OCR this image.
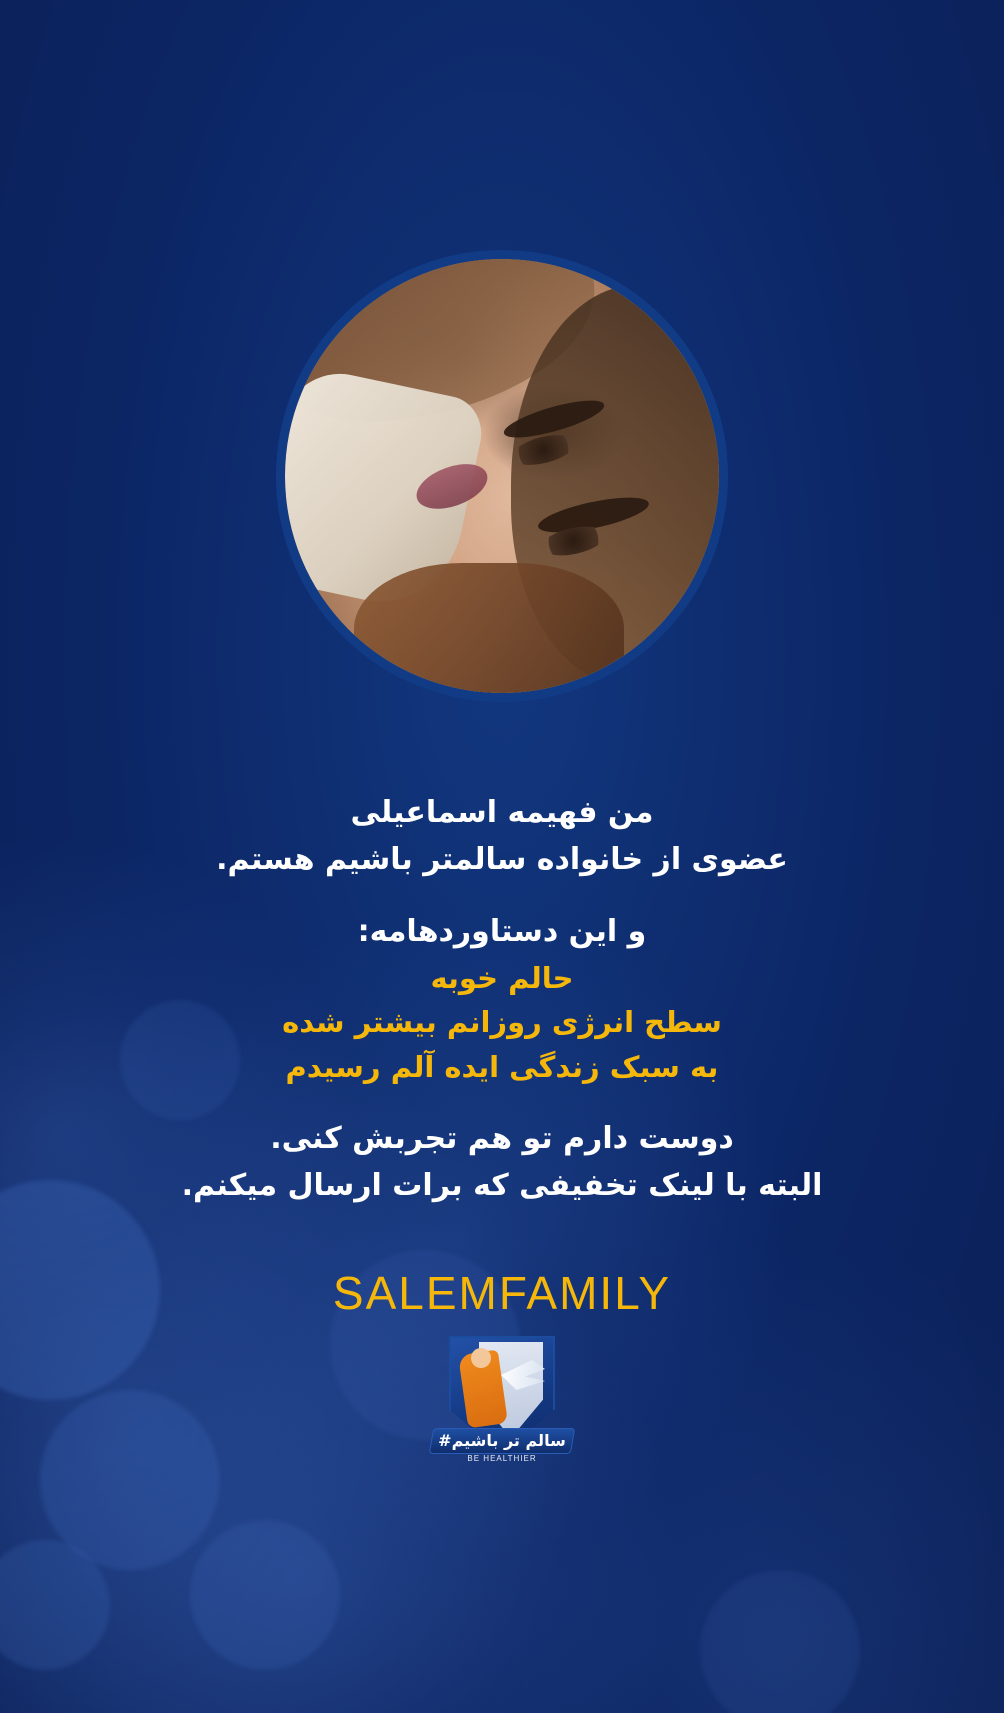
من فهیمه اسماعیلی
عضوی از خانواده سالمتر باشیم هستم.
و این دستاوردهامه:
حالم خوبه
سطح انرژی روزانم بیشتر شده
به سبک زندگی ایده آلم رسیدم
دوست دارم تو هم تجربش کنی.
البته با لینک تخفیفی که برات ارسال میکنم.
SALEMFAMILY
سالم تر باشیم#
BE HEALTHIER
